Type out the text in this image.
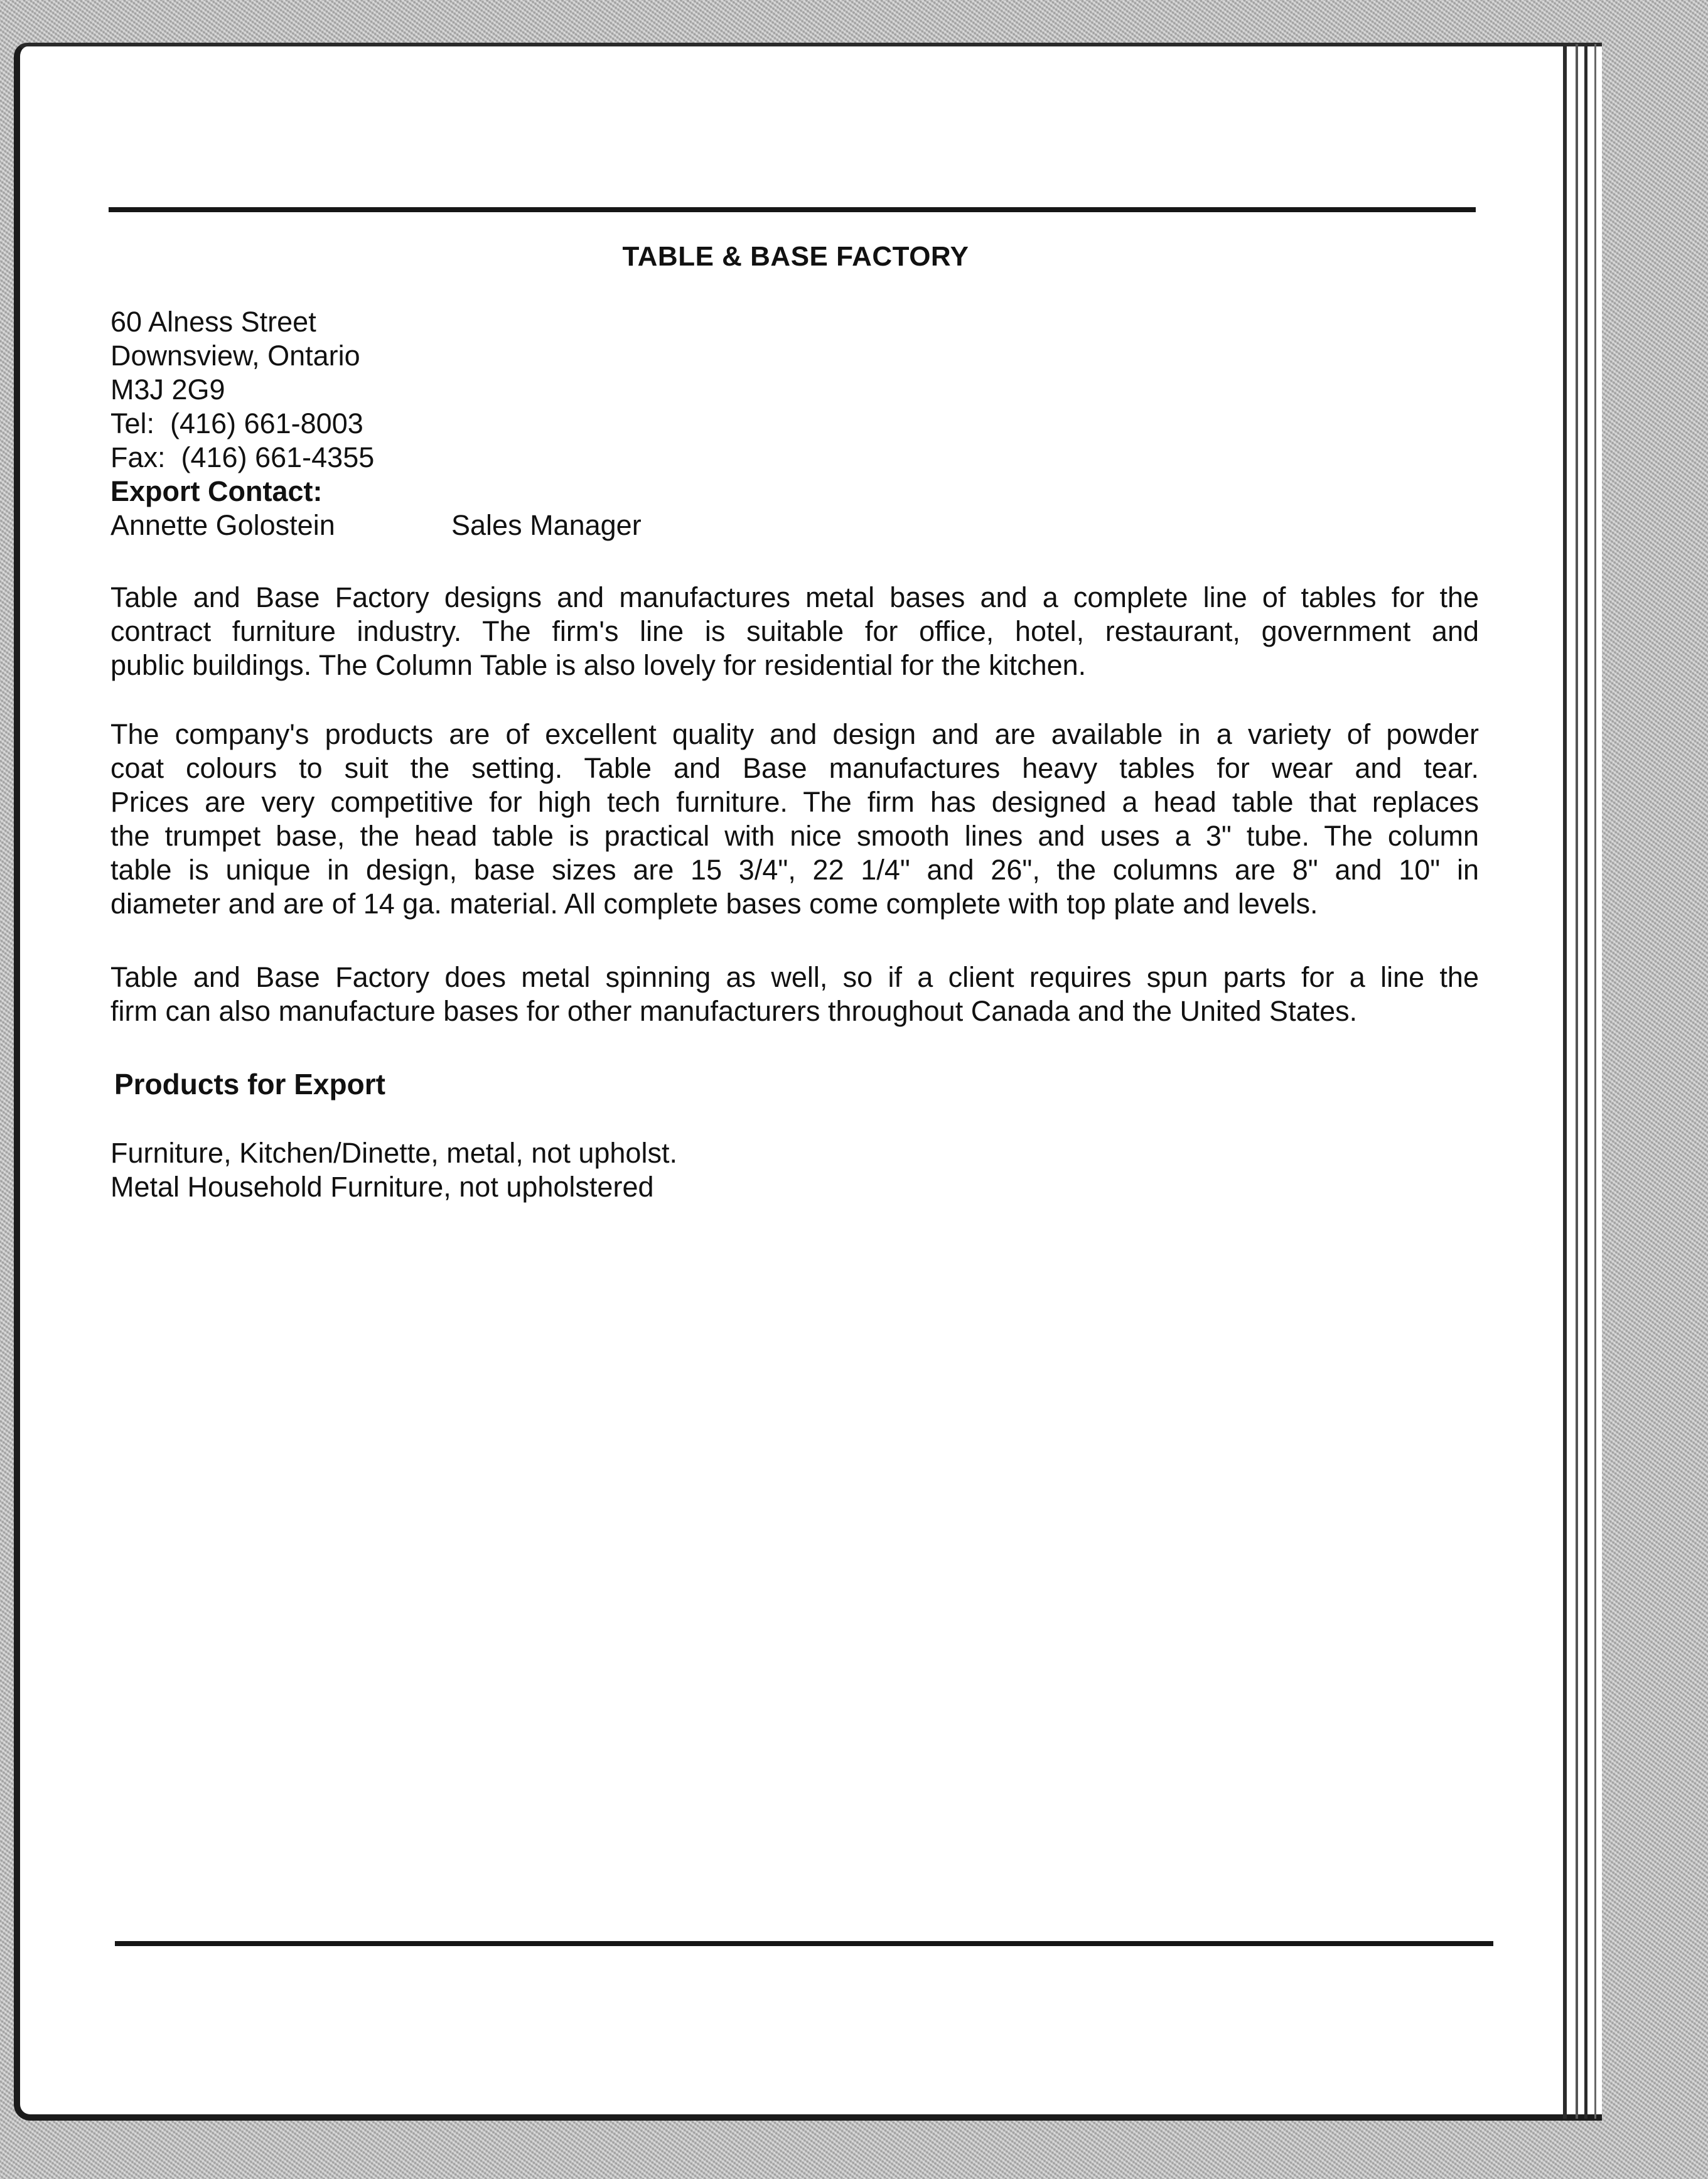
TABLE & BASE FACTORY
60 Alness Street
Downsview, Ontario
M3J 2G9
Tel:  (416) 661-8003
Fax:  (416) 661-4355
Export Contact:
Annette Golostein	Sales Manager
Table and Base Factory designs and manufactures metal bases and a complete line of tables for the
contract furniture industry. The firm's line is suitable for office, hotel, restaurant, government and
public buildings. The Column Table is also lovely for residential for the kitchen.
The company's products are of excellent quality and design and are available in a variety of powder
coat colours to suit the setting. Table and Base manufactures heavy tables for wear and tear.
Prices are very competitive for high tech furniture. The firm has designed a head table that replaces
the trumpet base, the head table is practical with nice smooth lines and uses a 3" tube. The column
table is unique in design, base sizes are 15 3/4", 22 1/4" and 26", the columns are 8" and 10" in
diameter and are of 14 ga. material. All complete bases come complete with top plate and levels.
Table and Base Factory does metal spinning as well, so if a client requires spun parts for a line the
firm can also manufacture bases for other manufacturers throughout Canada and the United States.
Products for Export
Furniture, Kitchen/Dinette, metal, not upholst.
Metal Household Furniture, not upholstered
